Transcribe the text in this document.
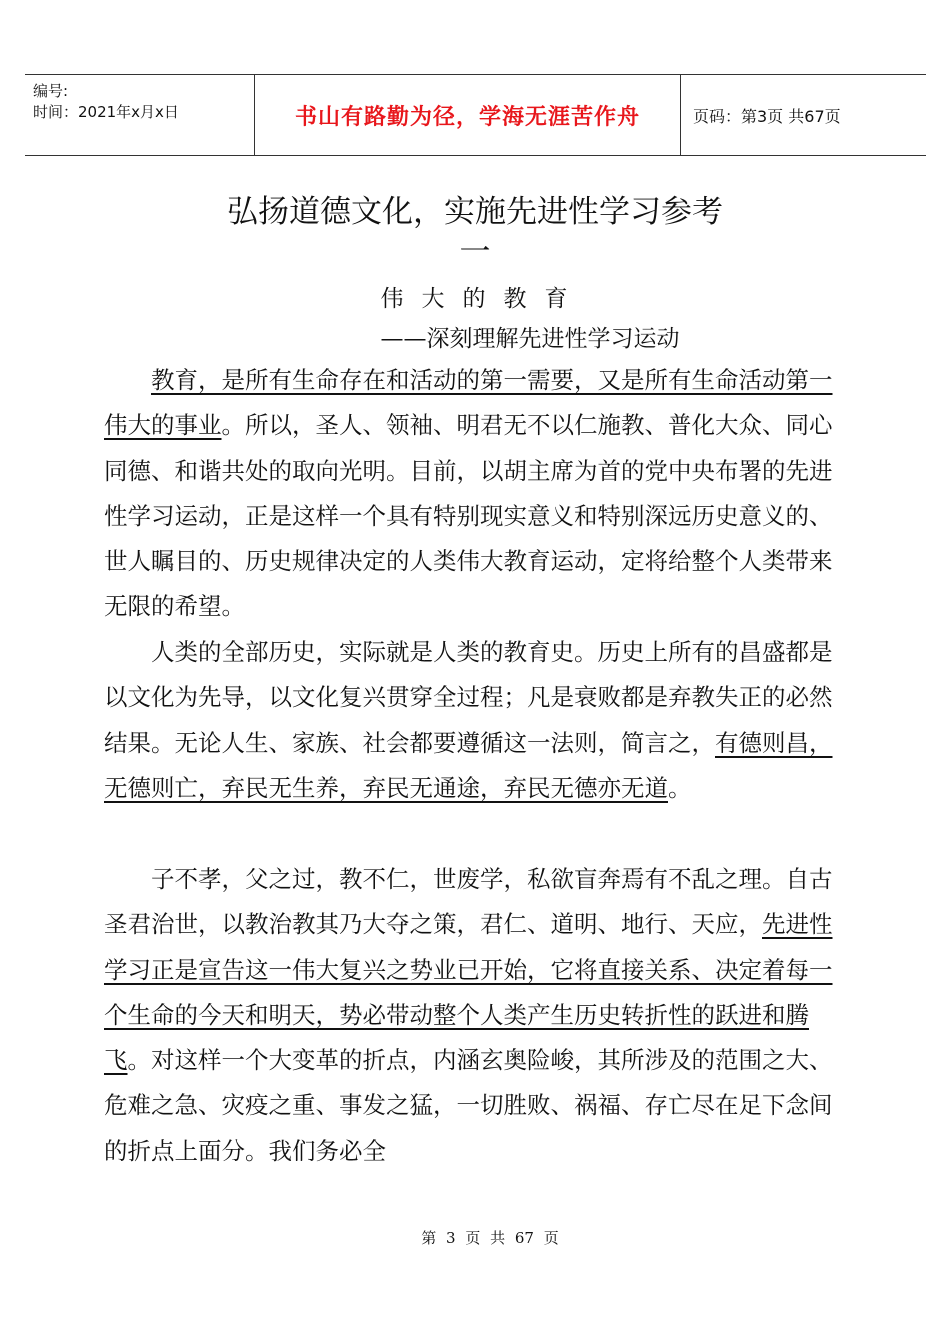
编号:
时间：2021年x月x日	书山有路勤为径，学海无涯苦作舟	页码：第3页 共67页
弘扬道德文化，实施先进性学习参考
一
伟大的教育
——深刻理解先进性学习运动

教育，是所有生命存在和活动的第一需要，又是所有生命活动第一伟大的事业。所以，圣人、领袖、明君无不以仁施教、普化大众、同心同德、和谐共处的取向光明。目前，以胡主席为首的党中央布署的先进性学习运动，正是这样一个具有特别现实意义和特别深远历史意义的、世人瞩目的、历史规律决定的人类伟大教育运动，定将给整个人类带来无限的希望。

人类的全部历史，实际就是人类的教育史。历史上所有的昌盛都是以文化为先导，以文化复兴贯穿全过程；凡是衰败都是弃教失正的必然结果。无论人生、家族、社会都要遵循这一法则，简言之，有德则昌，无德则亡，弃民无生养，弃民无通途，弃民无德亦无道。

子不孝，父之过，教不仁，世废学，私欲盲奔焉有不乱之理。自古圣君治世，以教治教其乃大夺之策，君仁、道明、地行、天应，先进性学习正是宣告这一伟大复兴之势业已开始，它将直接关系、决定着每一个生命的今天和明天，势必带动整个人类产生历史转折性的跃进和腾飞。对这样一个大变革的折点，内涵玄奥险峻，其所涉及的范围之大、危难之急、灾疫之重、事发之猛，一切胜败、祸福、存亡尽在足下念间的折点上面分。我们务必全

第 3 页 共 67 页
